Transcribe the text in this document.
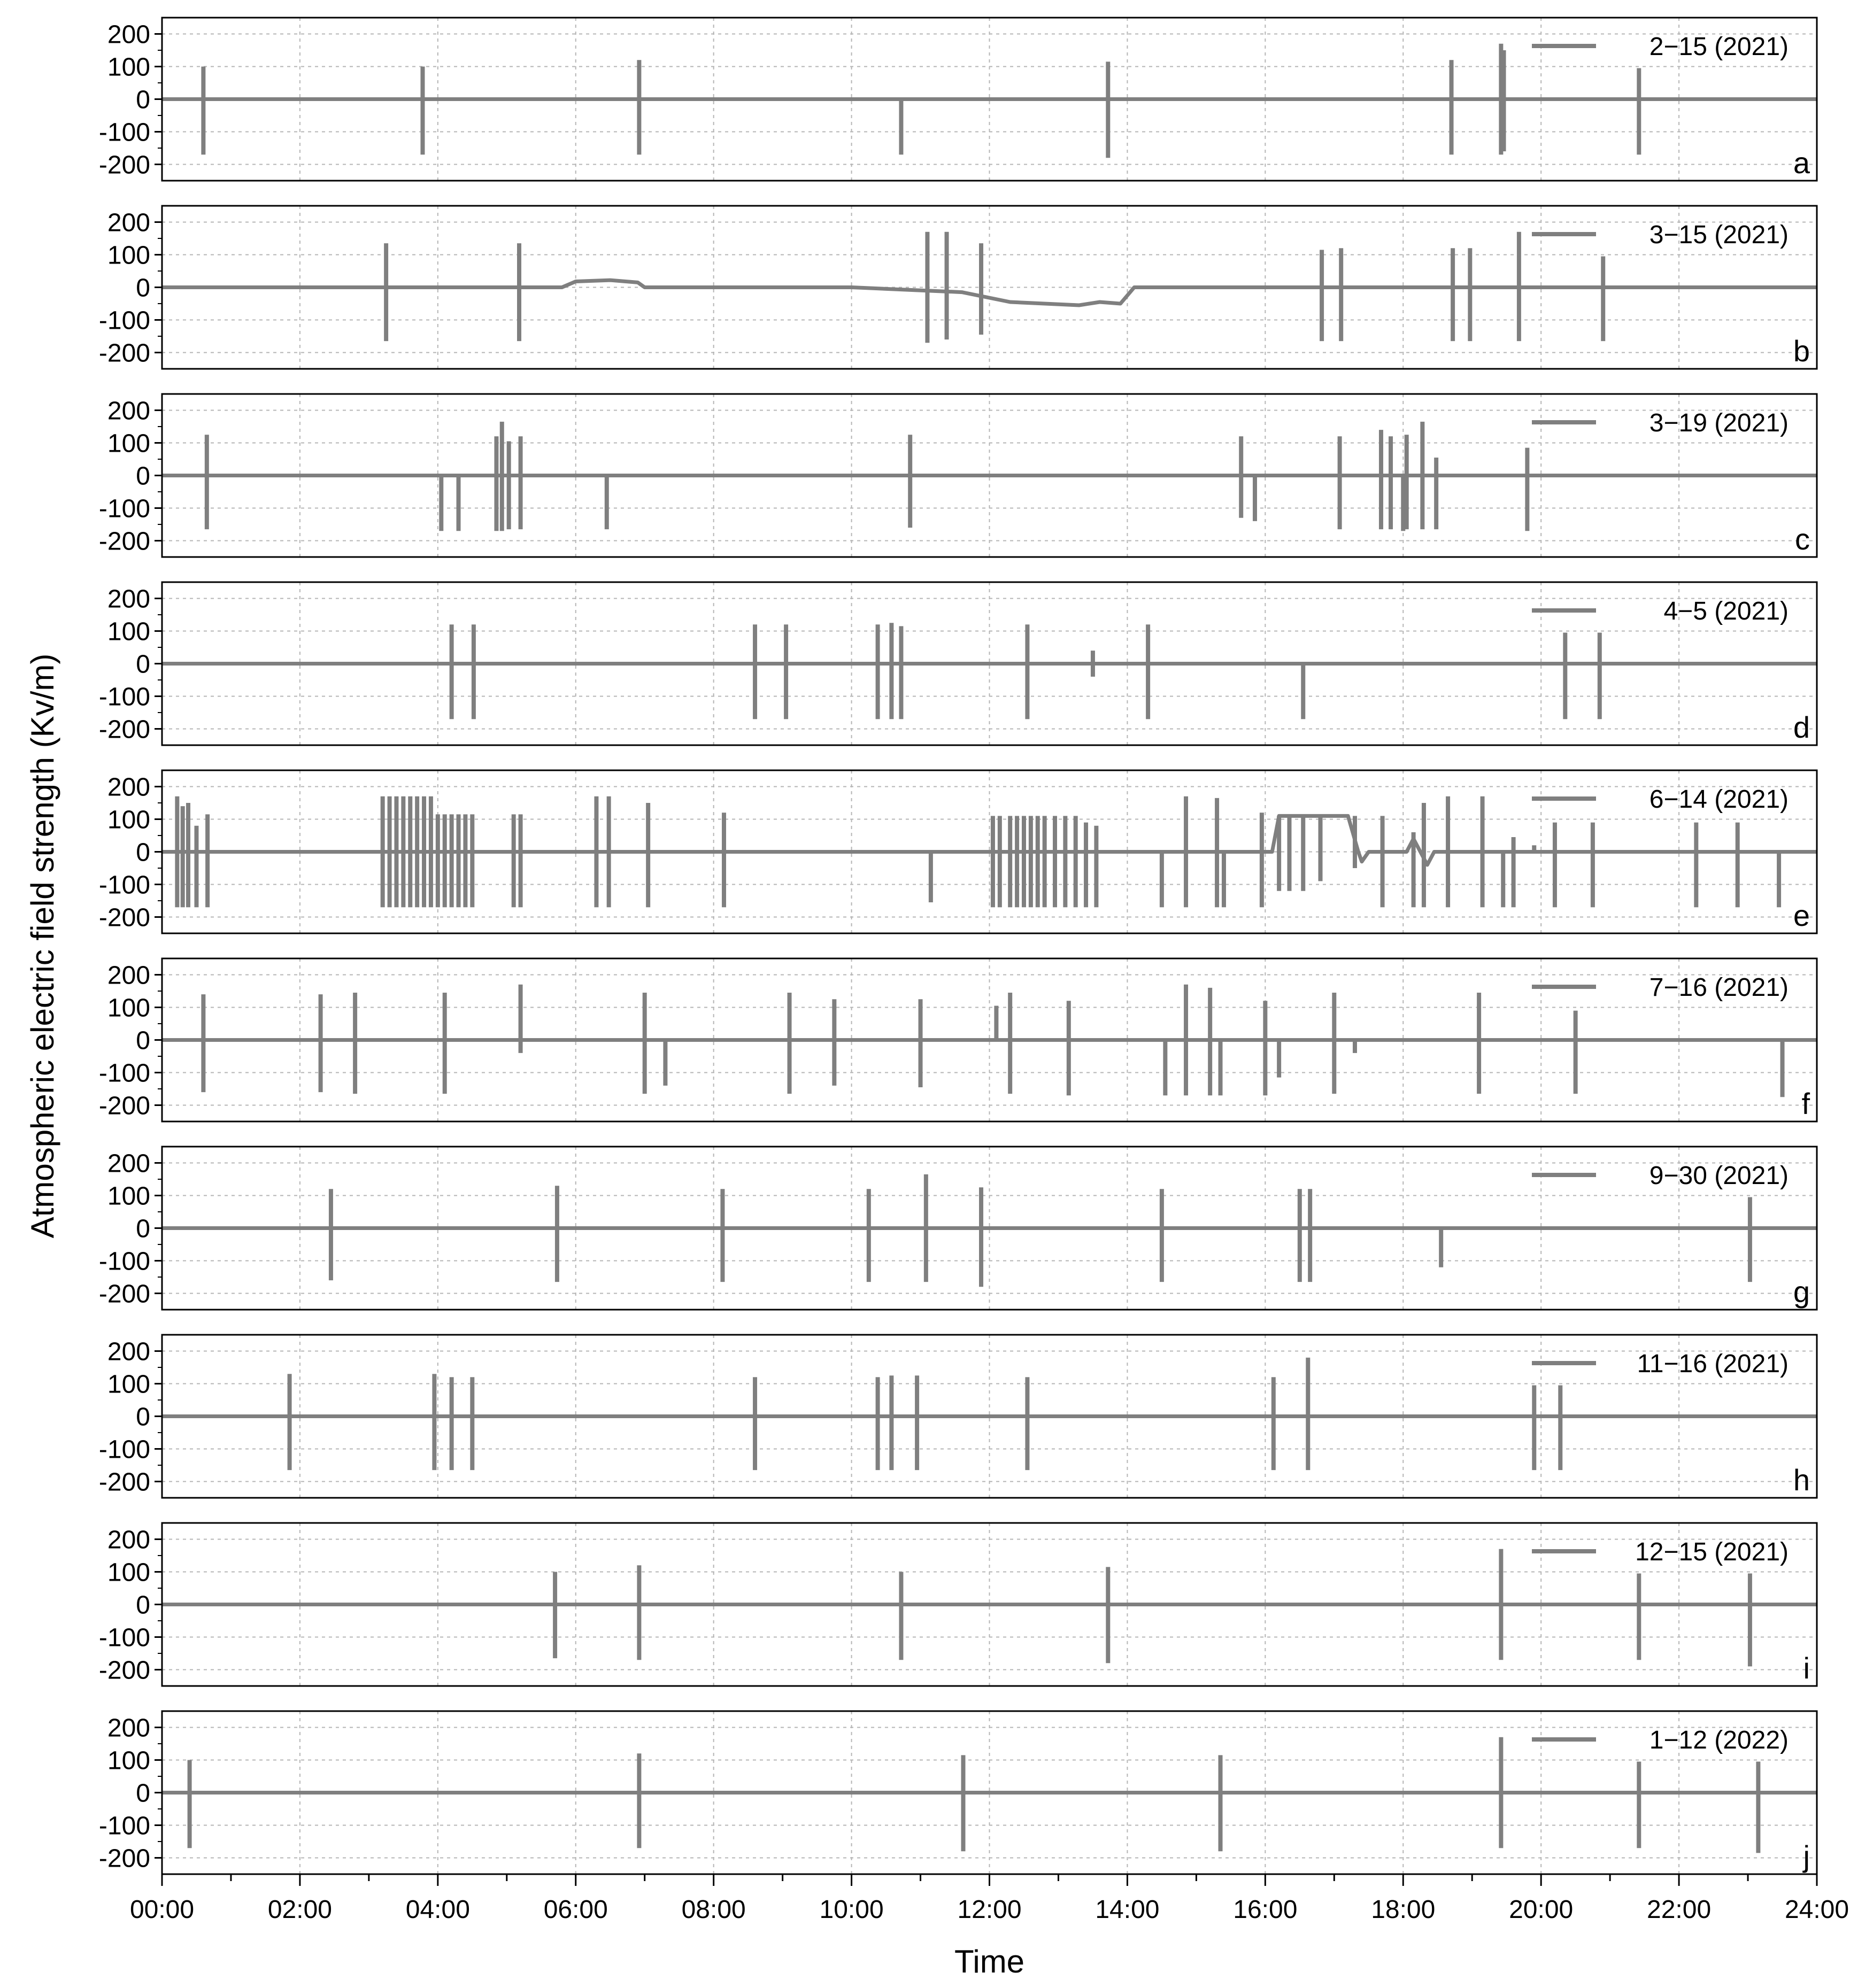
200
100
0
-100
-200
2−15 (2021)
a
200
100
0
-100
-200
3−15 (2021)
b
200
100
0
-100
-200
3−19 (2021)
c
200
100
0
-100
-200
4−5 (2021)
d
200
100
0
-100
-200
6−14 (2021)
e
200
100
0
-100
-200
7−16 (2021)
f
200
100
0
-100
-200
9−30 (2021)
g
200
100
0
-100
-200
11−16 (2021)
h
200
100
0
-100
-200
12−15 (2021)
i
200
100
0
-100
-200
1−12 (2022)
j
00:00	02:00	04:00	06:00	08:00	10:00	12:00	14:00	16:00	18:00	20:00	22:00	24:00
Time
Atmospheric electric field strength (Kv/m)
